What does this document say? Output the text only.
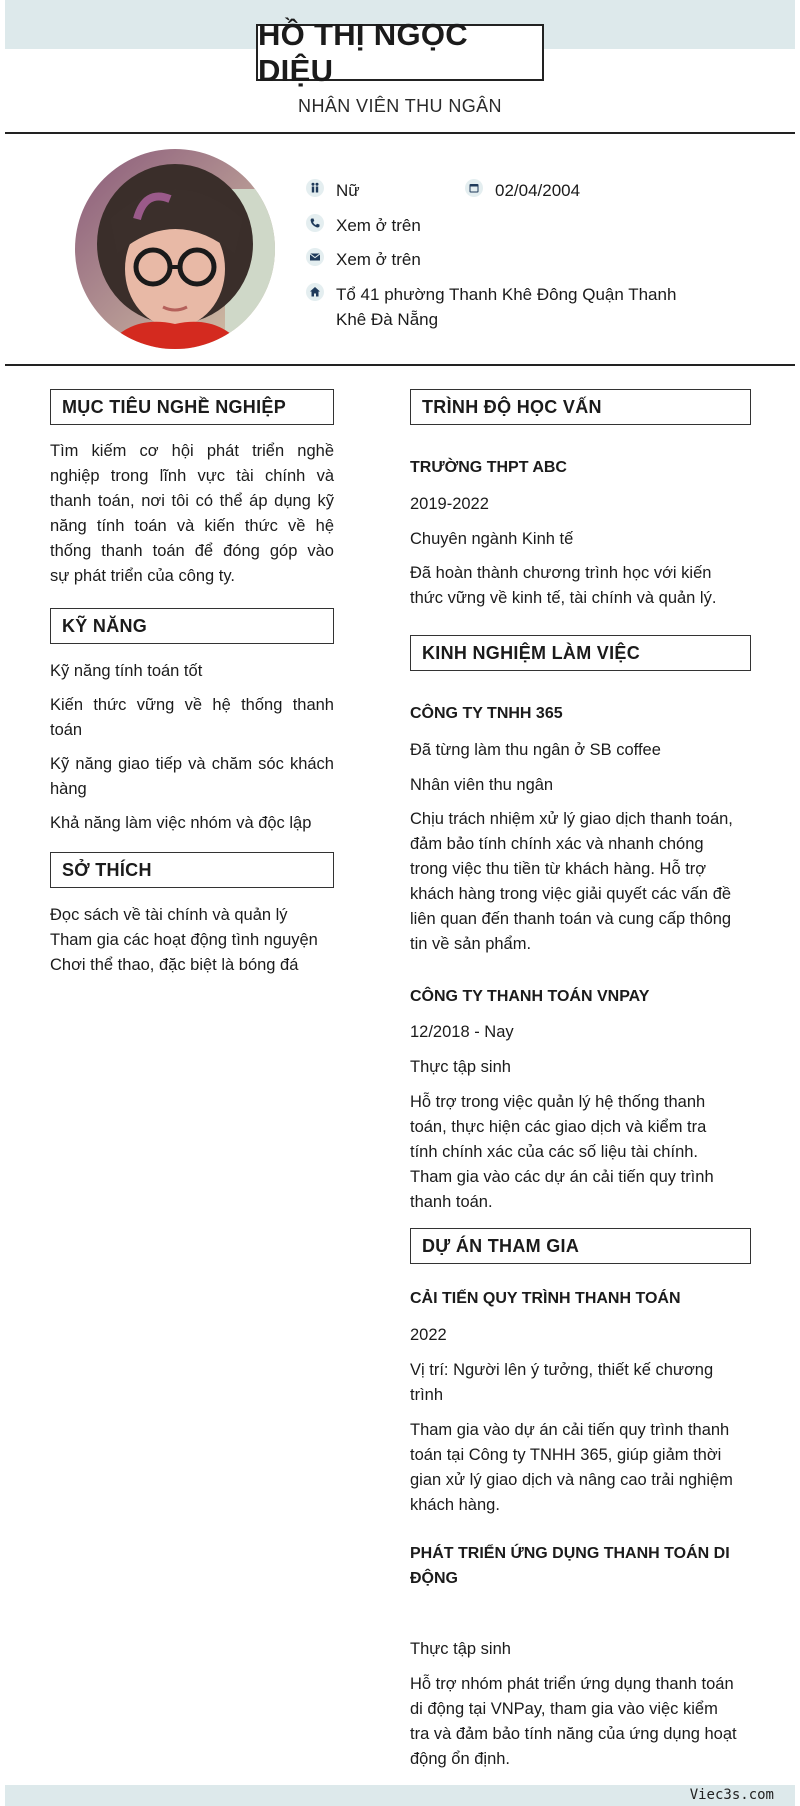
HỒ THỊ NGỌC DIỆU
NHÂN VIÊN THU NGÂN
Nữ	02/04/2004
Xem ở trên
Xem ở trên
Tổ 41 phường Thanh Khê Đông Quận Thanh
Khê Đà Nẵng
MỤC TIÊU NGHỀ NGHIỆP
Tìm kiếm cơ hội phát triển nghề
nghiệp trong lĩnh vực tài chính và
thanh toán, nơi tôi có thể áp dụng kỹ
năng tính toán và kiến thức về hệ
thống thanh toán để đóng góp vào
sự phát triển của công ty.
KỸ NĂNG
Kỹ năng tính toán tốt
Kiến thức vững về hệ thống thanh
toán
Kỹ năng giao tiếp và chăm sóc khách
hàng
Khả năng làm việc nhóm và độc lập
SỞ THÍCH
Đọc sách về tài chính và quản lý
Tham gia các hoạt động tình nguyện
Chơi thể thao, đặc biệt là bóng đá
TRÌNH ĐỘ HỌC VẤN
TRƯỜNG THPT ABC
2019-2022
Chuyên ngành Kinh tế
Đã hoàn thành chương trình học với kiến
thức vững về kinh tế, tài chính và quản lý.
KINH NGHIỆM LÀM VIỆC
CÔNG TY TNHH 365
Đã từng làm thu ngân ở SB coffee
Nhân viên thu ngân
Chịu trách nhiệm xử lý giao dịch thanh toán,
đảm bảo tính chính xác và nhanh chóng
trong việc thu tiền từ khách hàng. Hỗ trợ
khách hàng trong việc giải quyết các vấn đề
liên quan đến thanh toán và cung cấp thông
tin về sản phẩm.
CÔNG TY THANH TOÁN VNPAY
12/2018 - Nay
Thực tập sinh
Hỗ trợ trong việc quản lý hệ thống thanh
toán, thực hiện các giao dịch và kiểm tra
tính chính xác của các số liệu tài chính.
Tham gia vào các dự án cải tiến quy trình
thanh toán.
DỰ ÁN THAM GIA
CẢI TIẾN QUY TRÌNH THANH TOÁN
2022
Vị trí: Người lên ý tưởng, thiết kế chương
trình
Tham gia vào dự án cải tiến quy trình thanh
toán tại Công ty TNHH 365, giúp giảm thời
gian xử lý giao dịch và nâng cao trải nghiệm
khách hàng.
PHÁT TRIỂN ỨNG DỤNG THANH TOÁN DI
ĐỘNG
Thực tập sinh
Hỗ trợ nhóm phát triển ứng dụng thanh toán
di động tại VNPay, tham gia vào việc kiểm
tra và đảm bảo tính năng của ứng dụng hoạt
động ổn định.
Viec3s.com
